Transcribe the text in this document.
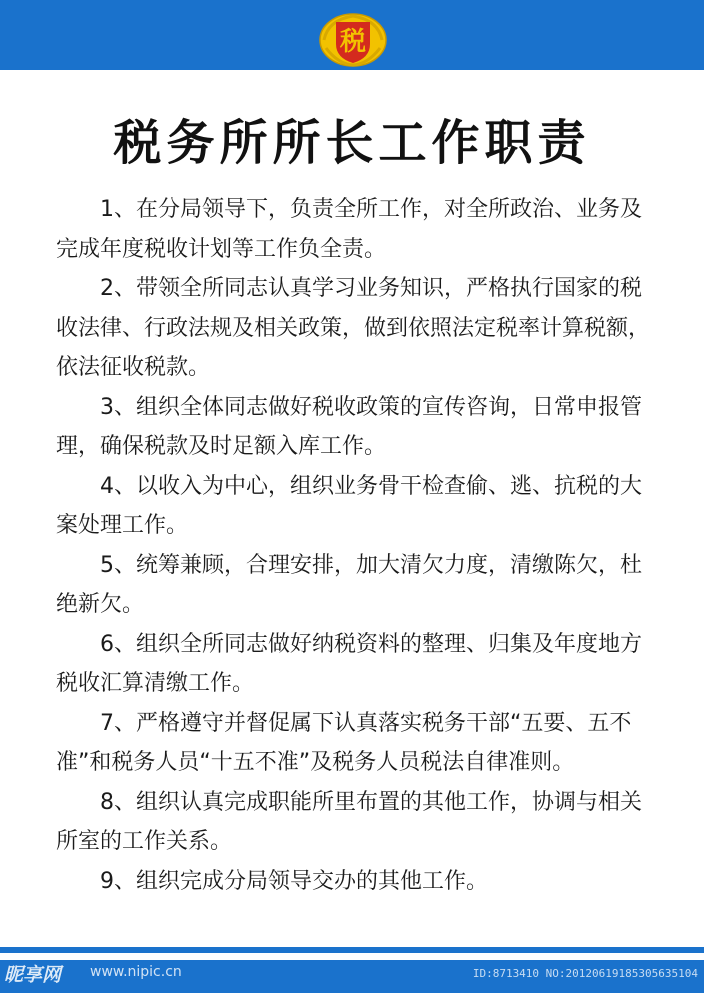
税
税务所所长工作职责
1、在分局领导下，负责全所工作，对全所政治、业务及完成年度税收计划等工作负全责。
2、带领全所同志认真学习业务知识，严格执行国家的税收法律、行政法规及相关政策，做到依照法定税率计算税额，依法征收税款。
3、组织全体同志做好税收政策的宣传咨询，日常申报管理，确保税款及时足额入库工作。
4、以收入为中心，组织业务骨干检查偷、逃、抗税的大案处理工作。
5、统筹兼顾，合理安排，加大清欠力度，清缴陈欠，杜绝新欠。
6、组织全所同志做好纳税资料的整理、归集及年度地方税收汇算清缴工作。
7、严格遵守并督促属下认真落实税务干部“五要、五不准”和税务人员“十五不准”及税务人员税法自律准则。
8、组织认真完成职能所里布置的其他工作，协调与相关所室的工作关系。
9、组织完成分局领导交办的其他工作。
昵享网 www.nipic.cn	ID:8713410 NO:20120619185305635104
